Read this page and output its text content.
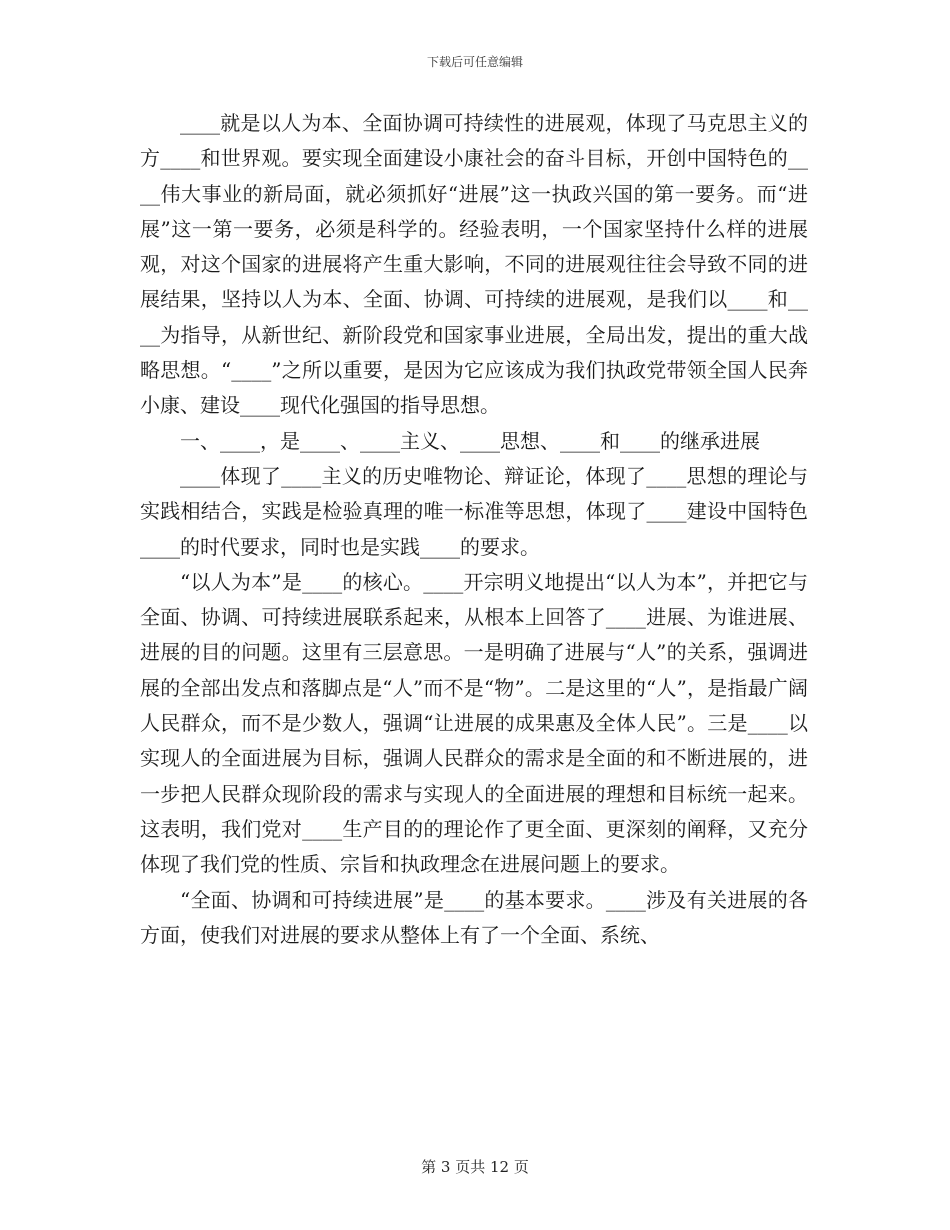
下载后可任意编辑

____就是以人为本、全面协调可持续性的进展观，体现了马克思主义的方____和世界观。要实现全面建设小康社会的奋斗目标，开创中国特色的____伟大事业的新局面，就必须抓好“进展”这一执政兴国的第一要务。而“进展”这一第一要务，必须是科学的。经验表明，一个国家坚持什么样的进展观，对这个国家的进展将产生重大影响，不同的进展观往往会导致不同的进展结果，坚持以人为本、全面、协调、可持续的进展观，是我们以____和____为指导，从新世纪、新阶段党和国家事业进展，全局出发，提出的重大战略思想。“____”之所以重要，是因为它应该成为我们执政党带领全国人民奔小康、建设____现代化强国的指导思想。

一、____，是____、____主义、____思想、____和____的继承进展

____体现了____主义的历史唯物论、辩证论，体现了____思想的理论与实践相结合，实践是检验真理的唯一标准等思想，体现了____建设中国特色____的时代要求，同时也是实践____的要求。

“以人为本”是____的核心。____开宗明义地提出“以人为本”，并把它与全面、协调、可持续进展联系起来，从根本上回答了____进展、为谁进展、进展的目的问题。这里有三层意思。一是明确了进展与“人”的关系，强调进展的全部出发点和落脚点是“人”而不是“物”。二是这里的“人”，是指最广阔人民群众，而不是少数人，强调“让进展的成果惠及全体人民”。三是____以实现人的全面进展为目标，强调人民群众的需求是全面的和不断进展的，进一步把人民群众现阶段的需求与实现人的全面进展的理想和目标统一起来。这表明，我们党对____生产目的的理论作了更全面、更深刻的阐释，又充分体现了我们党的性质、宗旨和执政理念在进展问题上的要求。

“全面、协调和可持续进展”是____的基本要求。____涉及有关进展的各方面，使我们对进展的要求从整体上有了一个全面、系统、

第 3 页共 12 页
